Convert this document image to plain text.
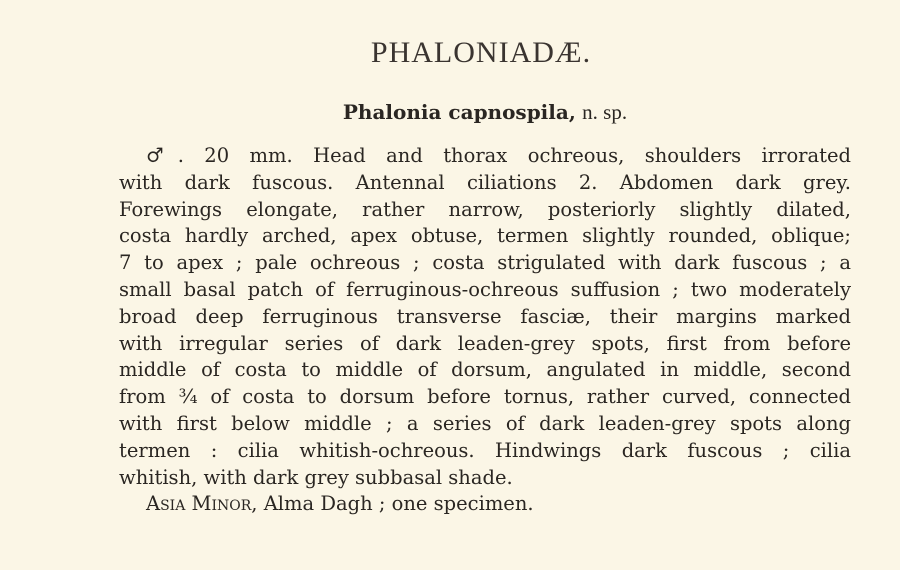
PHALONIADÆ.
Phalonia capnospila, n. sp.
♂. 20 mm. Head and thorax ochreous, shoulders irrorated
with dark fuscous. Antennal ciliations 2. Abdomen dark grey.
Forewings elongate, rather narrow, posteriorly slightly dilated,
costa hardly arched, apex obtuse, termen slightly rounded, oblique;
7 to apex ; pale ochreous ; costa strigulated with dark fuscous ; a
small basal patch of ferruginous-ochreous suffusion ; two moderately
broad deep ferruginous transverse fasciæ, their margins marked
with irregular series of dark leaden-grey spots, first from before
middle of costa to middle of dorsum, angulated in middle, second
from ¾ of costa to dorsum before tornus, rather curved, connected
with first below middle ; a series of dark leaden-grey spots along
termen : cilia whitish-ochreous. Hindwings dark fuscous ; cilia
whitish, with dark grey subbasal shade.
Asia Minor, Alma Dagh ; one specimen.
